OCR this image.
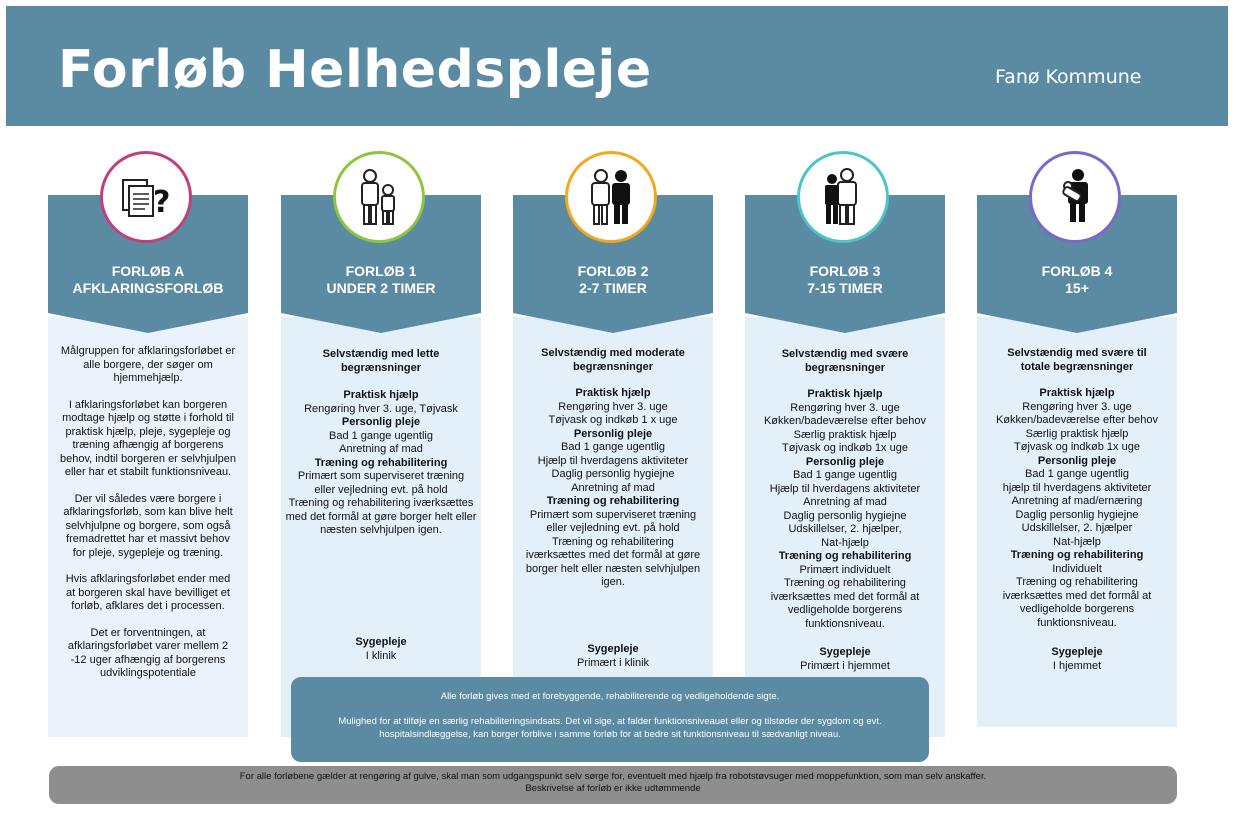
Forløb Helhedspleje	Fanø Kommune
FORLØB A
AFKLARINGSFORLØB
?

Målgruppen for afklaringsforløbet er alle borgere, der søger om hjemmehjælp.

I afklaringsforløbet kan borgeren modtage hjælp og støtte i forhold til praktisk hjælp, pleje, sygepleje og træning afhængig af borgerens behov, indtil borgeren er selvhjulpen eller har et stabilt funktionsniveau.

Der vil således være borgere i afklaringsforløb, som kan blive helt selvhjulpne og borgere, som også fremadrettet har et massivt behov for pleje, sygepleje og træning.

Hvis afklaringsforløbet ender med at borgeren skal have bevilliget et forløb, afklares det i processen.

Det er forventningen, at afklaringsforløbet varer mellem 2 -12 uger afhængig af borgerens udviklingspotentiale

FORLØB 1
UNDER 2 TIMER

Selvstændig med lette begrænsninger

Praktisk hjælp

Rengøring hver 3. uge, Tøjvask

Personlig pleje

Bad 1 gange ugentlig

Anretning af mad

Træning og rehabilitering

Primært som superviseret træning eller vejledning evt. på hold

Træning og rehabilitering iværksættes med det formål at gøre borger helt eller næsten selvhjulpen igen.

Sygepleje

I klinik

FORLØB 2
2-7 TIMER

Selvstændig med moderate begrænsninger

Praktisk hjælp

Rengøring hver 3. uge

Tøjvask og indkøb 1 x uge

Personlig pleje

Bad 1 gange ugentlig

Hjælp til hverdagens aktiviteter

Daglig personlig hygiejne

Anretning af mad

Træning og rehabilitering

Primært som superviseret træning eller vejledning evt. på hold

Træning og rehabilitering iværksættes med det formål at gøre borger helt eller næsten selvhjulpen igen.

Sygepleje

Primært i klinik

FORLØB 3
7-15 TIMER

Selvstændig med svære begrænsninger

Praktisk hjælp

Rengøring hver 3. uge

Køkken/badeværelse efter behov

Særlig praktisk hjælp

Tøjvask og indkøb 1x uge

Personlig pleje

Bad 1 gange ugentlig

Hjælp til hverdagens aktiviteter

Anretning af mad

Daglig personlig hygiejne

Udskillelser, 2. hjælper,

Nat-hjælp

Træning og rehabilitering

Primært individuelt

Træning og rehabilitering iværksættes med det formål at vedligeholde borgerens funktionsniveau.

Sygepleje

Primært i hjemmet

FORLØB 4
15+

Selvstændig med svære til totale begrænsninger

Praktisk hjælp

Rengøring hver 3. uge

Køkken/badeværelse efter behov

Særlig praktisk hjælp

Tøjvask og indkøb 1x uge

Personlig pleje

Bad 1 gange ugentlig

hjælp til hverdagens aktiviteter

Anretning af mad/ernæring

Daglig personlig hygiejne

Udskillelser, 2. hjælper

Nat-hjælp

Træning og rehabilitering

Individuelt

Træning og rehabilitering iværksættes med det formål at vedligeholde borgerens funktionsniveau.

Sygepleje

I hjemmet

Alle forløb gives med et forebyggende, rehabiliterende og vedligeholdende sigte.
Mulighed for at tilføje en særlig rehabiliteringsindsats. Det vil sige, at falder funktionsniveauet eller og tilstøder der sygdom og evt. hospitalsindlæggelse, kan borger forblive i samme forløb for at bedre sit funktionsniveau til sædvanligt niveau.
For alle forløbene gælder at rengøring af gulve, skal man som udgangspunkt selv sørge for, eventuelt med hjælp fra robotstøvsuger med moppefunktion, som man selv anskaffer.
Beskrivelse af forløb er ikke udtømmende
